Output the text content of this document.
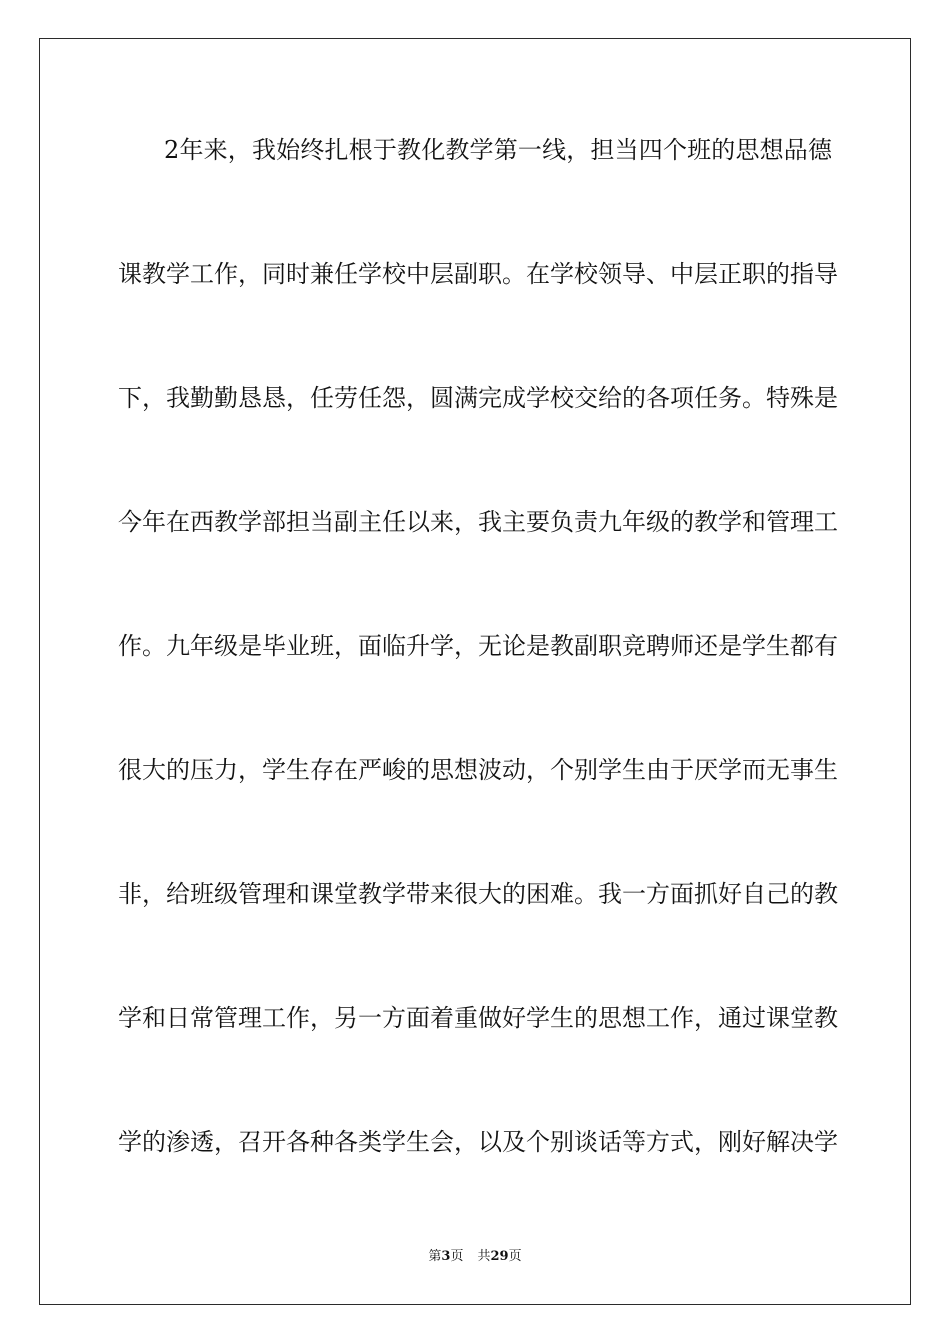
2年来，我始终扎根于教化教学第一线，担当四个班的思想品德
课教学工作，同时兼任学校中层副职。在学校领导、中层正职的指导
下，我勤勤恳恳，任劳任怨，圆满完成学校交给的各项任务。特殊是
今年在西教学部担当副主任以来，我主要负责九年级的教学和管理工
作。九年级是毕业班，面临升学，无论是教副职竞聘师还是学生都有
很大的压力，学生存在严峻的思想波动，个别学生由于厌学而无事生
非，给班级管理和课堂教学带来很大的困难。我一方面抓好自己的教
学和日常管理工作，另一方面着重做好学生的思想工作，通过课堂教
学的渗透，召开各种各类学生会，以及个别谈话等方式，刚好解决学
第3页 共29页
